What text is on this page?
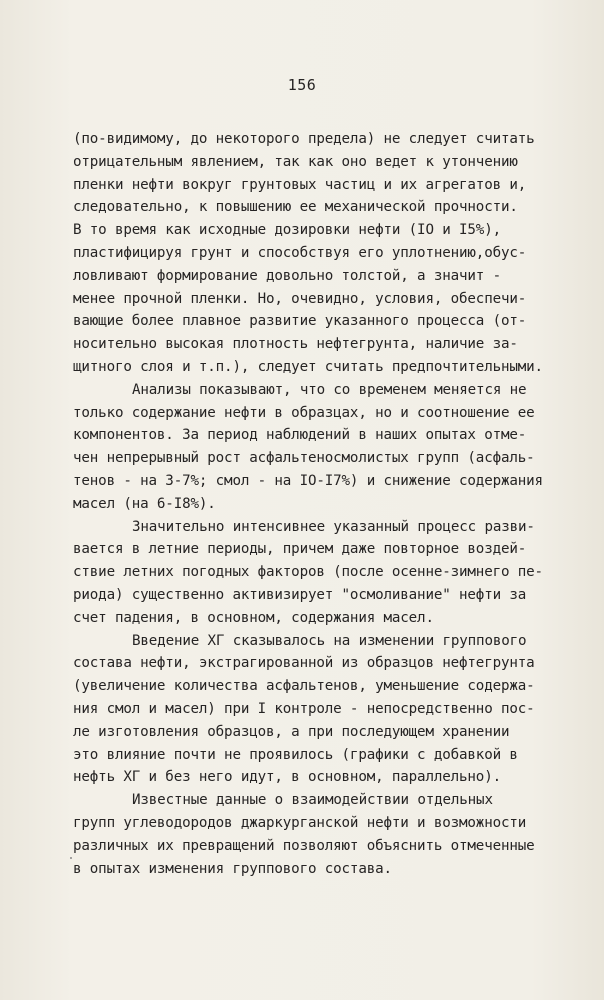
156
(по-видимому, до некоторого предела) не следует считать
отрицательным явлением, так как оно ведет к утончению
пленки нефти вокруг грунтовых частиц и их агрегатов и,
следовательно, к повышению ее механической прочности.
В то время как исходные дозировки нефти (IO и I5%),
пластифицируя грунт и способствуя его уплотнению,обус-
ловливают формирование довольно толстой, а значит -
менее прочной пленки. Но, очевидно, условия, обеспечи-
вающие более плавное развитие указанного процесса (от-
носительно высокая плотность нефтегрунта, наличие за-
щитного слоя и т.п.), следует считать предпочтительными.
Анализы показывают, что со временем меняется не
только содержание нефти в образцах, но и соотношение ее
компонентов. За период наблюдений в наших опытах отме-
чен непрерывный рост асфальтеносмолистых групп (асфаль-
тенов - на 3-7%; смол - на IO-I7%) и снижение содержания
масел (на 6-I8%).
Значительно интенсивнее указанный процесс разви-
вается в летние периоды, причем даже повторное воздей-
ствие летних погодных факторов (после осенне-зимнего пе-
риода) существенно активизирует "осмоливание" нефти за
счет падения, в основном, содержания масел.
Введение ХГ сказывалось на изменении группового
состава нефти, экстрагированной из образцов нефтегрунта
(увеличение количества асфальтенов, уменьшение содержа-
ния смол и масел) при I контроле - непосредственно пос-
ле изготовления образцов, а при последующем хранении
это влияние почти не проявилось (графики с добавкой в
нефть ХГ и без него идут, в основном, параллельно).
Известные данные о взаимодействии отдельных
групп углеводородов джаркурганской нефти и возможности
различных их превращений позволяют объяснить отмеченные
в опытах изменения группового состава.
